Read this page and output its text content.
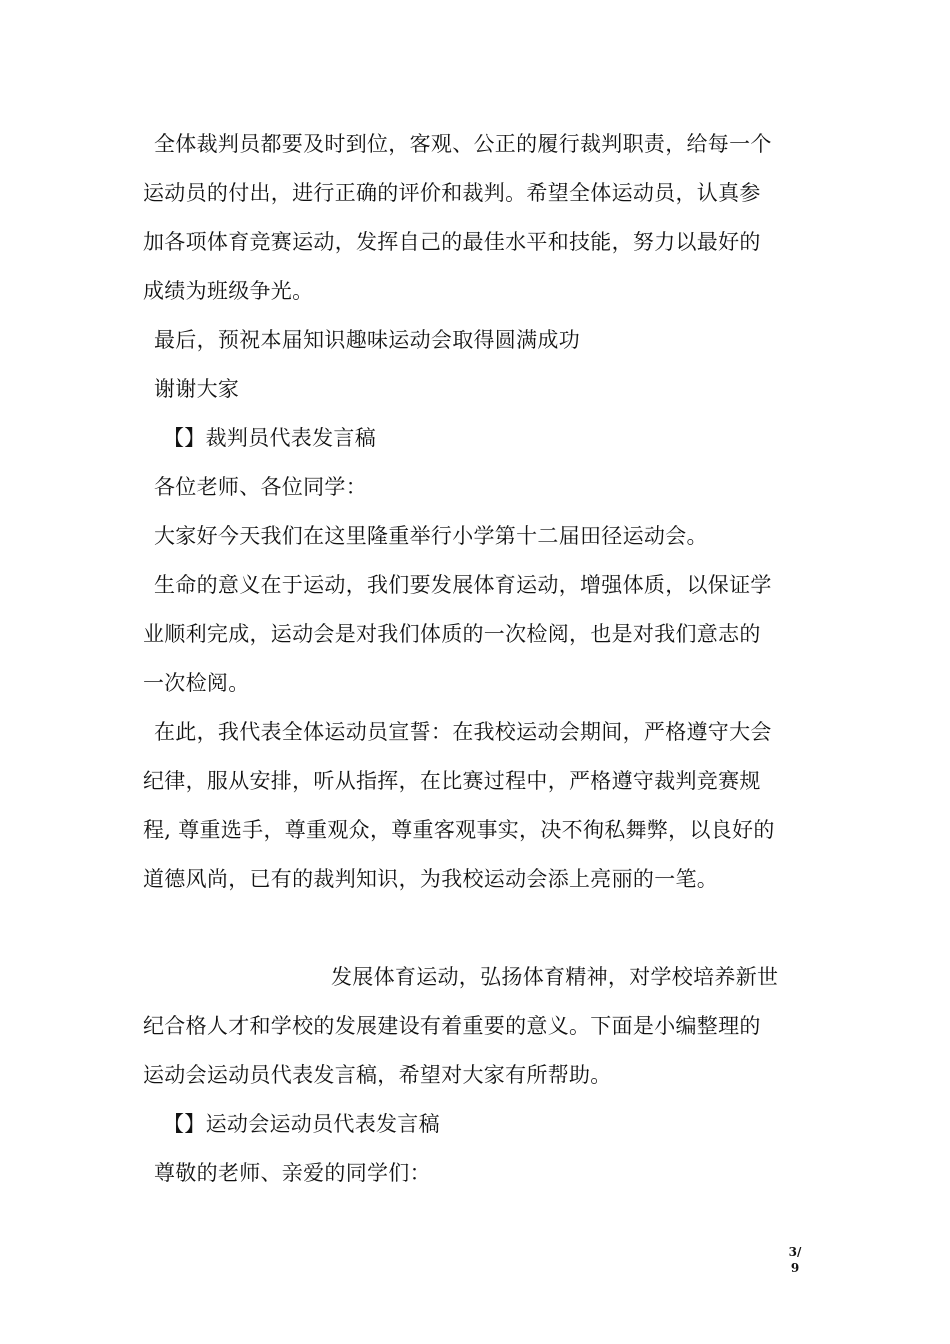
全体裁判员都要及时到位，客观、公正的履行裁判职责，给每一个
运动员的付出，进行正确的评价和裁判。希望全体运动员，认真参
加各项体育竞赛运动，发挥自己的最佳水平和技能，努力以最好的
成绩为班级争光。
最后，预祝本届知识趣味运动会取得圆满成功
谢谢大家
【】裁判员代表发言稿
各位老师、各位同学：
大家好今天我们在这里隆重举行小学第十二届田径运动会。
生命的意义在于运动，我们要发展体育运动，增强体质，以保证学
业顺利完成，运动会是对我们体质的一次检阅，也是对我们意志的
一次检阅。
在此，我代表全体运动员宣誓：在我校运动会期间，严格遵守大会
纪律，服从安排，听从指挥，在比赛过程中，严格遵守裁判竞赛规
程, 尊重选手，尊重观众，尊重客观事实，决不徇私舞弊，以良好的
道德风尚，已有的裁判知识，为我校运动会添上亮丽的一笔。
发展体育运动，弘扬体育精神，对学校培养新世
纪合格人才和学校的发展建设有着重要的意义。下面是小编整理的
运动会运动员代表发言稿，希望对大家有所帮助。
【】运动会运动员代表发言稿
尊敬的老师、亲爱的同学们：
3/
9
